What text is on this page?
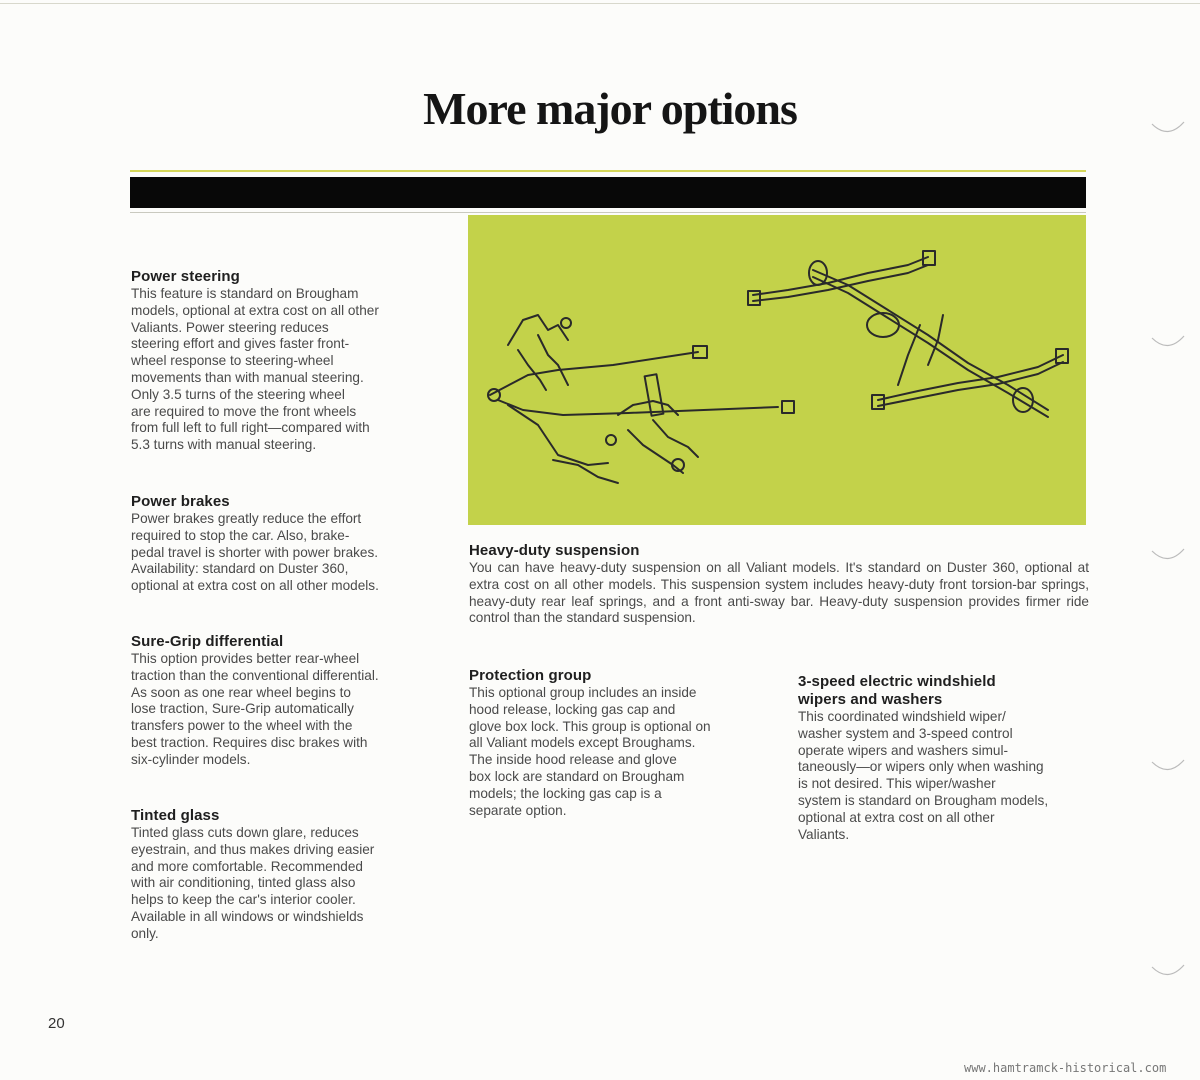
More major options
Power steering

This feature is standard on Brougham
models, optional at extra cost on all other
Valiants. Power steering reduces
steering effort and gives faster front-
wheel response to steering-wheel
movements than with manual steering.
Only 3.5 turns of the steering wheel
are required to move the front wheels
from full left to full right—compared with
5.3 turns with manual steering.

Power brakes

Power brakes greatly reduce the effort
required to stop the car. Also, brake-
pedal travel is shorter with power brakes.
Availability: standard on Duster 360,
optional at extra cost on all other models.

Sure-Grip differential

This option provides better rear-wheel
traction than the conventional differential.
As soon as one rear wheel begins to
lose traction, Sure-Grip automatically
transfers power to the wheel with the
best traction. Requires disc brakes with
six-cylinder models.

Tinted glass

Tinted glass cuts down glare, reduces
eyestrain, and thus makes driving easier
and more comfortable. Recommended
with air conditioning, tinted glass also
helps to keep the car's interior cooler.
Available in all windows or windshields
only.

Heavy-duty suspension

You can have heavy-duty suspension on all Valiant models. It's standard on Duster 360, optional at extra cost on all other models. This suspension system includes heavy-duty front torsion-bar springs, heavy-duty rear leaf springs, and a front anti-sway bar. Heavy-duty suspension provides firmer ride control than the standard suspension.

Protection group

This optional group includes an inside
hood release, locking gas cap and
glove box lock. This group is optional on
all Valiant models except Broughams.
The inside hood release and glove
box lock are standard on Brougham
models; the locking gas cap is a
separate option.

3-speed electric windshield
wipers and washers

This coordinated windshield wiper/
washer system and 3-speed control
operate wipers and washers simul-
taneously—or wipers only when washing
is not desired. This wiper/washer
system is standard on Brougham models,
optional at extra cost on all other
Valiants.

20
www.hamtramck-historical.com
